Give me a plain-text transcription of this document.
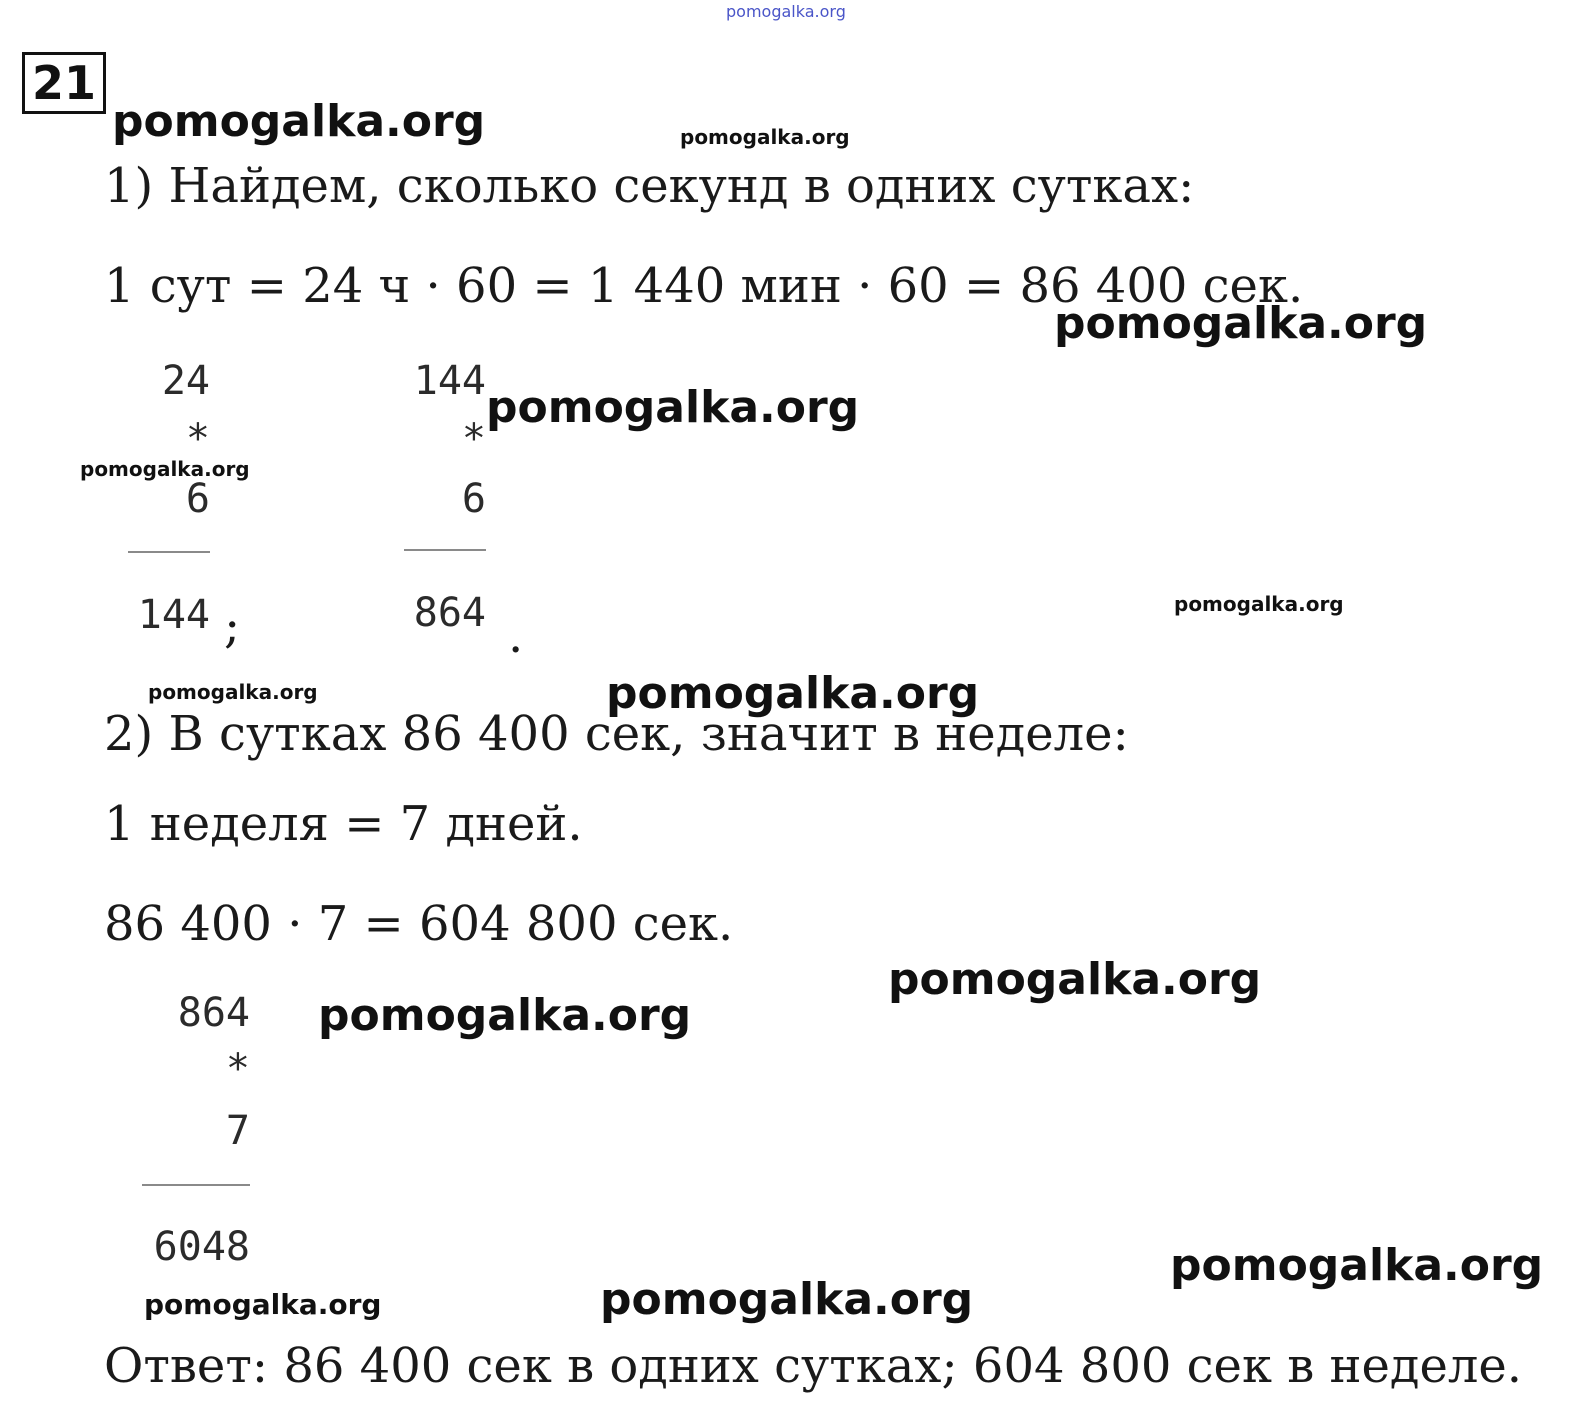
pomogalka.org
21
pomogalka.org	pomogalka.org
1) Найдем, сколько секунд в одних сутках:
1 сут = 24 ч · 60 = 1 440 мин · 60 = 86 400 сек.
pomogalka.org
24
*
6
144 ;
pomogalka.org
144
*
6
864 .
pomogalka.org
pomogalka.org
pomogalka.org	pomogalka.org
2) В сутках 86 400 сек, значит в неделе:
1 неделя = 7 дней.
86 400 · 7 = 604 800 сек.
pomogalka.org
pomogalka.org
864
*
7
6048	pomogalka.org
pomogalka.org	pomogalka.org
Ответ: 86 400 сек в одних сутках; 604 800 сек в неделе.
